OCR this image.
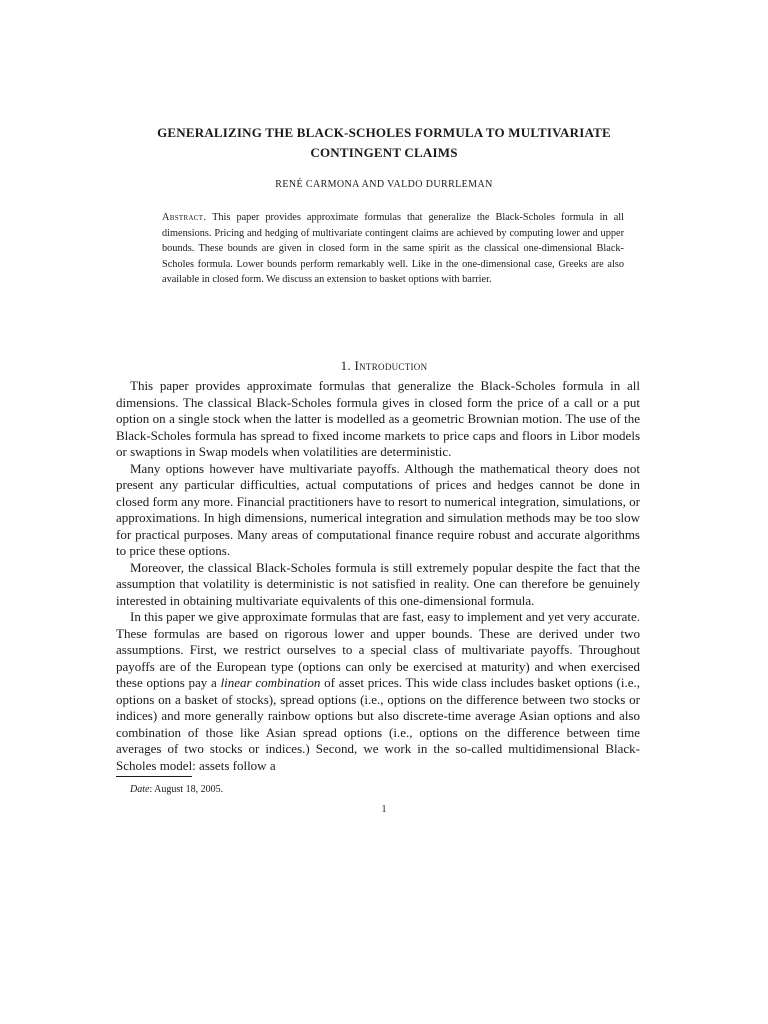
GENERALIZING THE BLACK-SCHOLES FORMULA TO MULTIVARIATE
CONTINGENT CLAIMS
RENÉ CARMONA AND VALDO DURRLEMAN
Abstract. This paper provides approximate formulas that generalize the Black-Scholes formula in all dimensions. Pricing and hedging of multivariate contingent claims are achieved by computing lower and upper bounds. These bounds are given in closed form in the same spirit as the classical one-dimensional Black-Scholes formula. Lower bounds perform remarkably well. Like in the one-dimensional case, Greeks are also available in closed form. We discuss an extension to basket options with barrier.
1. Introduction

This paper provides approximate formulas that generalize the Black-Scholes formula in all dimensions. The classical Black-Scholes formula gives in closed form the price of a call or a put option on a single stock when the latter is modelled as a geometric Brownian motion. The use of the Black-Scholes formula has spread to fixed income markets to price caps and floors in Libor models or swaptions in Swap models when volatilities are deterministic.

Many options however have multivariate payoffs. Although the mathematical theory does not present any particular difficulties, actual computations of prices and hedges cannot be done in closed form any more. Financial practitioners have to resort to numerical integration, simulations, or approximations. In high dimensions, numerical integration and simulation methods may be too slow for practical purposes. Many areas of computational finance require robust and accurate algorithms to price these options.

Moreover, the classical Black-Scholes formula is still extremely popular despite the fact that the assumption that volatility is deterministic is not satisfied in reality. One can therefore be genuinely interested in obtaining multivariate equivalents of this one-dimensional formula.

In this paper we give approximate formulas that are fast, easy to implement and yet very accurate. These formulas are based on rigorous lower and upper bounds. These are derived under two assumptions. First, we restrict ourselves to a special class of multivariate payoffs. Throughout payoffs are of the European type (options can only be exercised at maturity) and when exercised these options pay a linear combination of asset prices. This wide class includes basket options (i.e., options on a basket of stocks), spread options (i.e., options on the difference between two stocks or indices) and more generally rainbow options but also discrete-time average Asian options and also combination of those like Asian spread options (i.e., options on the difference between time averages of two stocks or indices.) Second, we work in the so-called multidimensional Black-Scholes model: assets follow a

Date: August 18, 2005.
1
